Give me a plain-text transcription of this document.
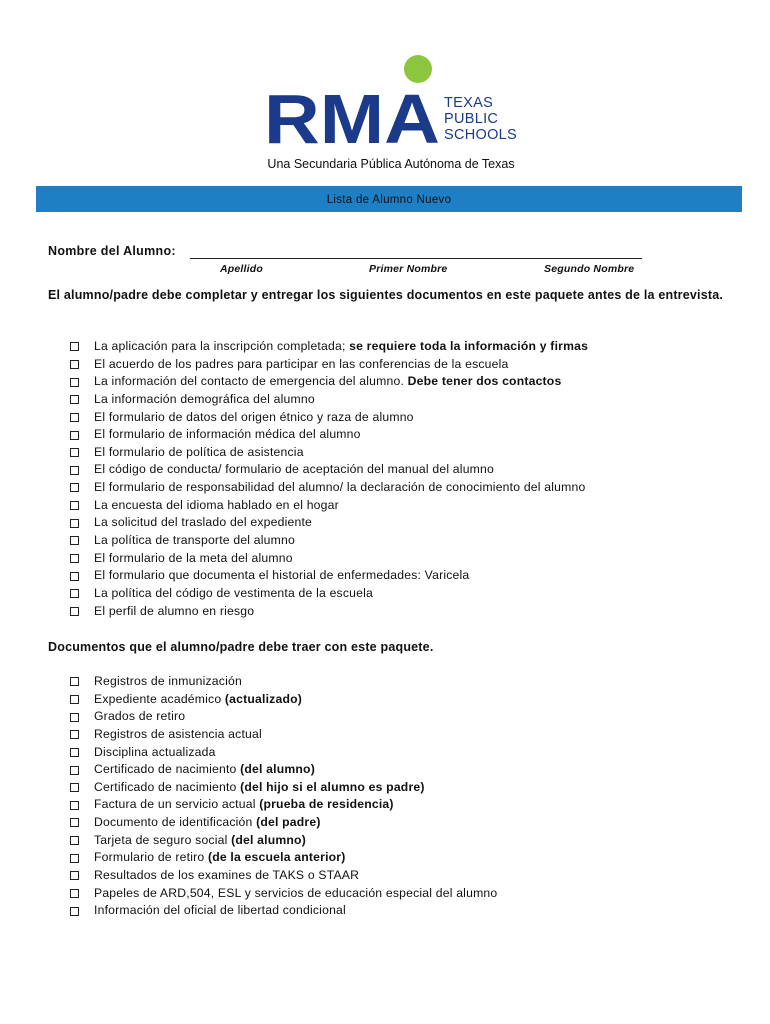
RMA TEXAS
PUBLIC
SCHOOLS
Una Secundaria Pública Autónoma de Texas
Lista de Alumno Nuevo
Nombre del Alumno:
Apellido	Primer Nombre	Segundo Nombre
El alumno/padre debe completar y entregar los siguientes documentos en este paquete antes de la entrevista.
La aplicación para la inscripción completada; se requiere toda la información y firmas
El acuerdo de los padres para participar en las conferencias de la escuela
La información del contacto de emergencia del alumno. Debe tener dos contactos
La información demográfica del alumno
El formulario de datos del origen étnico y raza de alumno
El formulario de información médica del alumno
El formulario de política de asistencia
El código de conducta/ formulario de aceptación del manual del alumno
El formulario de responsabilidad del alumno/ la declaración de conocimiento del alumno
La encuesta del idioma hablado en el hogar
La solicitud del traslado del expediente
La política de transporte del alumno
El formulario de la meta del alumno
El formulario que documenta el historial de enfermedades: Varicela
La política del código de vestimenta de la escuela
El perfil de alumno en riesgo
Documentos que el alumno/padre debe traer con este paquete.
Registros de inmunización
Expediente académico (actualizado)
Grados de retiro
Registros de asistencia actual
Disciplina actualizada
Certificado de nacimiento (del alumno)
Certificado de nacimiento (del hijo si el alumno es padre)
Factura de un servicio actual (prueba de residencia)
Documento de identificación (del padre)
Tarjeta de seguro social (del alumno)
Formulario de retiro (de la escuela anterior)
Resultados de los examines de TAKS o STAAR
Papeles de ARD,504, ESL y servicios de educación especial del alumno
Información del oficial de libertad condicional
